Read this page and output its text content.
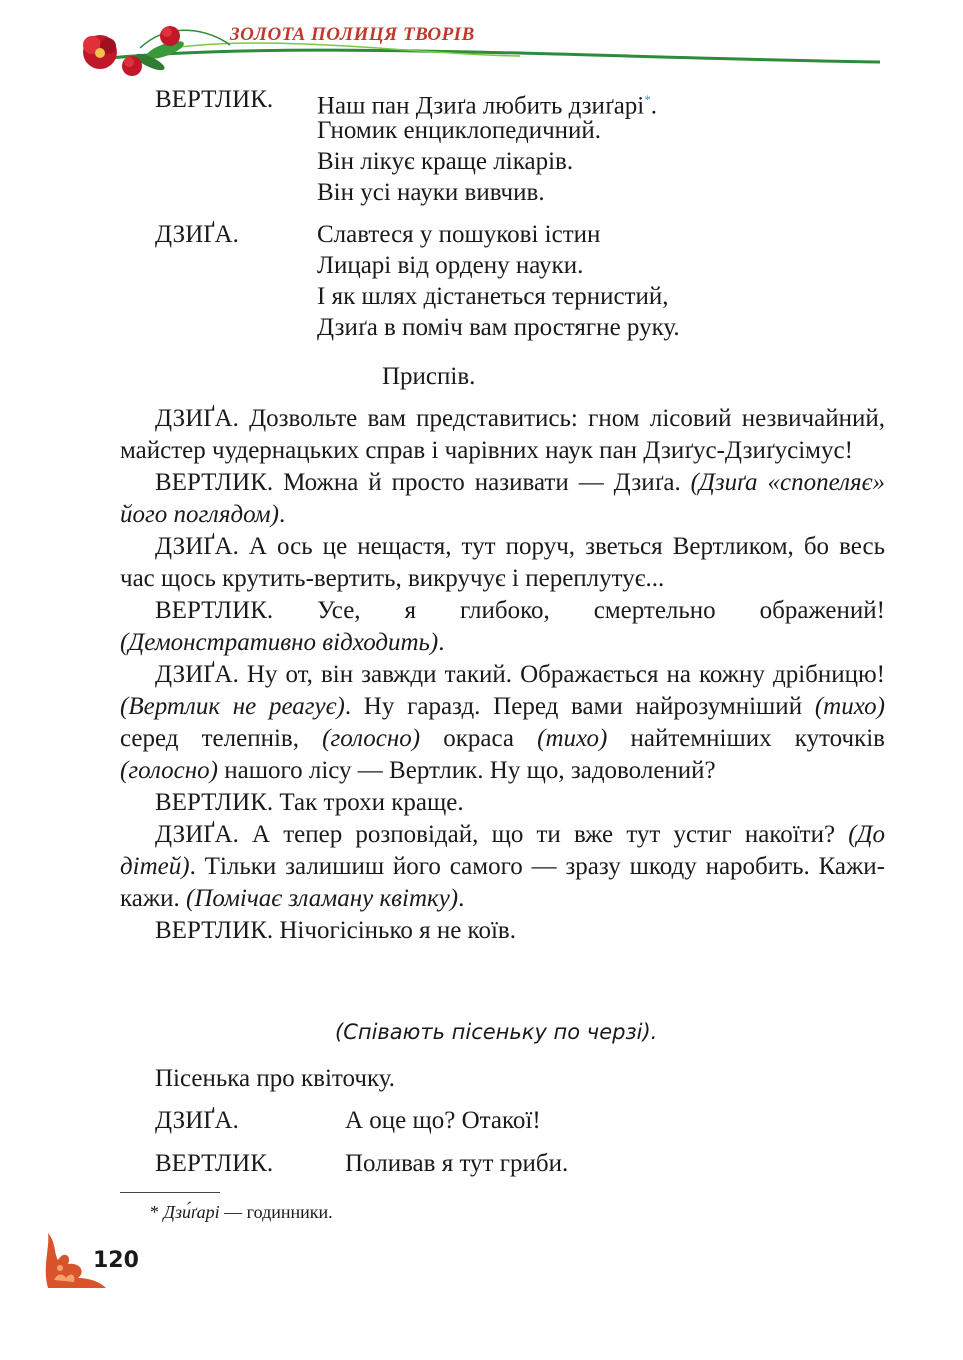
ЗОЛОТА ПОЛИЦЯ ТВОРІВ
ВЕРТЛИК. Наш пан Дзиґа любить дзиґарі*.
Гномик енциклопедичний.
Він лікує краще лікарів.
Він усі науки вивчив.
ДЗИҐА.	Славтеся у пошукові істин
Лицарі від ордену науки.
І як шлях дістанеться тернистий,
Дзиґа в поміч вам простягне руку.
Приспів.

ДЗИҐА. Дозвольте вам представитись: гном лісовий незвичайний, майстер чудернацьких справ і чарівних наук пан Дзиґус-Дзиґусімус!

ВЕРТЛИК. Можна й просто називати — Дзиґа. (Дзиґа «спопеляє» його поглядом).

ДЗИҐА. А ось це нещастя, тут поруч, зветься Вертликом, бо весь час щось крутить-вертить, викручує і переплутує...

ВЕРТЛИК. Усе, я глибоко, смертельно ображений! (Демонстративно відходить).

ДЗИҐА. Ну от, він завжди такий. Ображається на кожну дрібницю! (Вертлик не реагує). Ну гаразд. Перед вами найрозумніший (тихо) серед телепнів, (голосно) окраса (тихо) найтемніших куточків (голосно) нашого лісу — Вертлик. Ну що, задоволений?

ВЕРТЛИК. Так трохи краще.

ДЗИҐА. А тепер розповідай, що ти вже тут устиг накоїти? (До дітей). Тільки залишиш його самого — зразу шкоду наробить. Кажи-кажи. (Помічає зламану квітку).

ВЕРТЛИК. Нічогісінько я не коїв.

(Співають пісеньку по черзі).
Пісенька про квіточку.
ДЗИҐА.	А оце що? Отакої!
ВЕРТЛИК.	Поливав я тут гриби.
* Дзи́ґарі — годинники.
120
